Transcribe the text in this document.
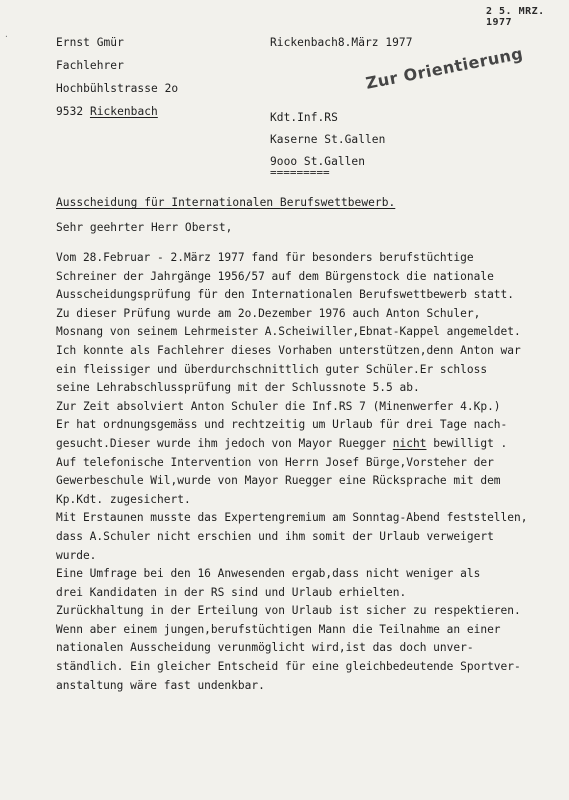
2 5. MRZ. 1977
·	Ernst Gmür
Fachlehrer
Hochbühlstrasse 2o
9532 Rickenbach
Rickenbach8.März 1977
Zur Orientierung
Kdt.Inf.RS
Kaserne St.Gallen
9ooo St.Gallen
=========
Ausscheidung für Internationalen Berufswettbewerb.
Sehr geehrter Herr Oberst,
Vom 28.Februar - 2.März 1977 fand für besonders berufstüchtige
Schreiner der Jahrgänge 1956/57 auf dem Bürgenstock die nationale
Ausscheidungsprüfung für den Internationalen Berufswettbewerb statt.
Zu dieser Prüfung wurde am 2o.Dezember 1976 auch Anton Schuler,
Mosnang von seinem Lehrmeister A.Scheiwiller,Ebnat-Kappel angemeldet.
Ich konnte als Fachlehrer dieses Vorhaben unterstützen,denn Anton war
ein fleissiger und überdurchschnittlich guter Schüler.Er schloss
seine Lehrabschlussprüfung mit der Schlussnote 5.5 ab.
Zur Zeit absolviert Anton Schuler die Inf.RS 7 (Minenwerfer 4.Kp.)
Er hat ordnungsgemäss und rechtzeitig um Urlaub für drei Tage nach-
gesucht.Dieser wurde ihm jedoch von Mayor Ruegger nicht bewilligt .
Auf telefonische Intervention von Herrn Josef Bürge,Vorsteher der
Gewerbeschule Wil,wurde von Mayor Ruegger eine Rücksprache mit dem
Kp.Kdt. zugesichert.
Mit Erstaunen musste das Expertengremium am Sonntag-Abend feststellen,
dass A.Schuler nicht erschien und ihm somit der Urlaub verweigert
wurde.
Eine Umfrage bei den 16 Anwesenden ergab,dass nicht weniger als
drei Kandidaten in der RS sind und Urlaub erhielten.
Zurückhaltung in der Erteilung von Urlaub ist sicher zu respektieren.
Wenn aber einem jungen,berufstüchtigen Mann die Teilnahme an einer
nationalen Ausscheidung verunmöglicht wird,ist das doch unver-
ständlich. Ein gleicher Entscheid für eine gleichbedeutende Sportver-
anstaltung wäre fast undenkbar.
